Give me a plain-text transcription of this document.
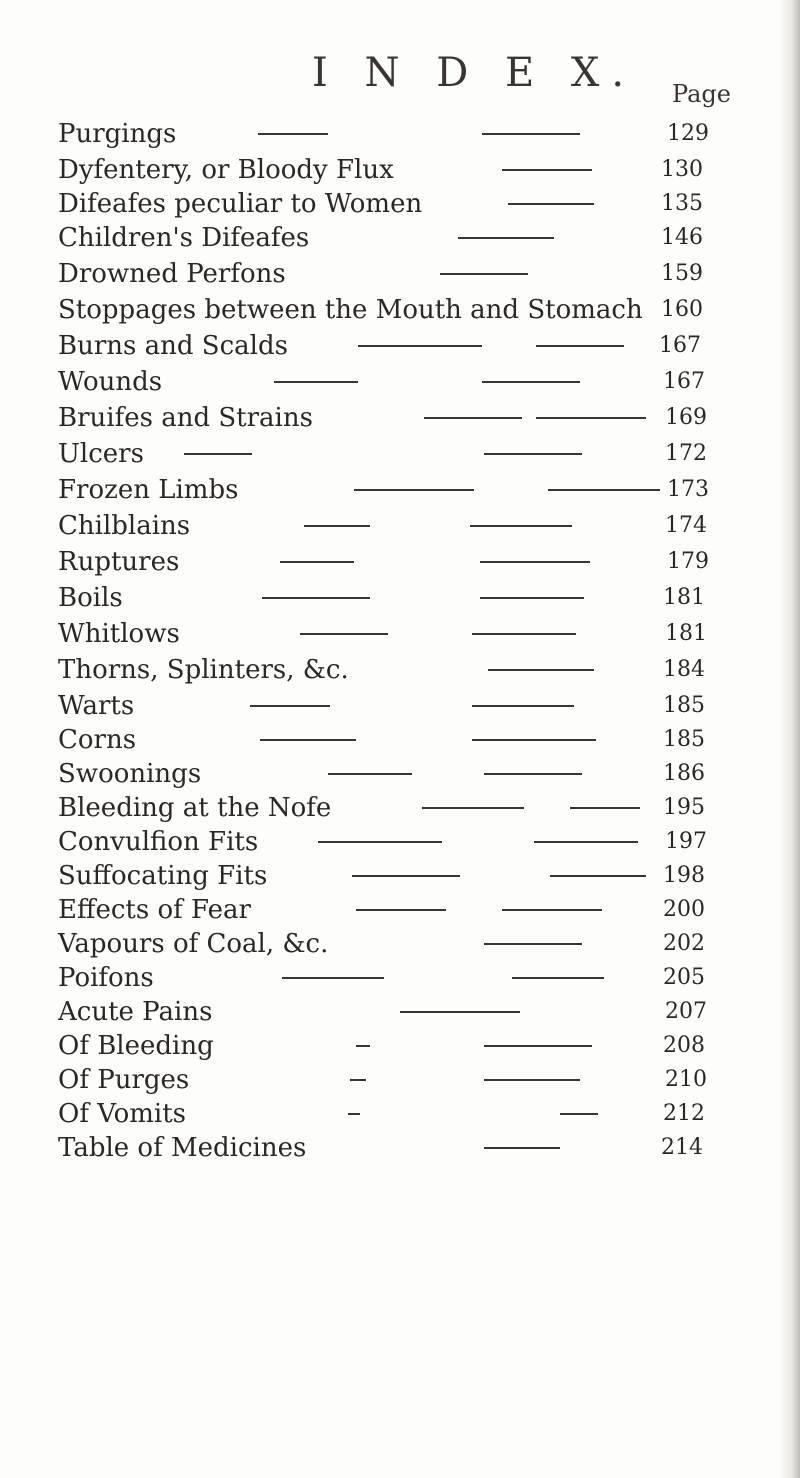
I N D E X. Page
Purgings	129
Dyfentery, or Bloody Flux	130
Difeafes peculiar to Women	135
Children's Difeafes	146
Drowned Perfons	159
Stoppages between the Mouth and Stomach 160
Burns and Scalds	167
Wounds	167
Bruifes and Strains	169
Ulcers	172
Frozen Limbs	173
Chilblains	174
Ruptures	179
Boils	181
Whitlows	181
Thorns, Splinters, &c.	184
Warts	185
Corns	185
Swoonings	186
Bleeding at the Nofe	195
Convulfion Fits	197
Suffocating Fits	198
Effects of Fear	200
Vapours of Coal, &c.	202
Poifons	205
Acute Pains	207
Of Bleeding	208
Of Purges	210
Of Vomits	212
Table of Medicines	214
